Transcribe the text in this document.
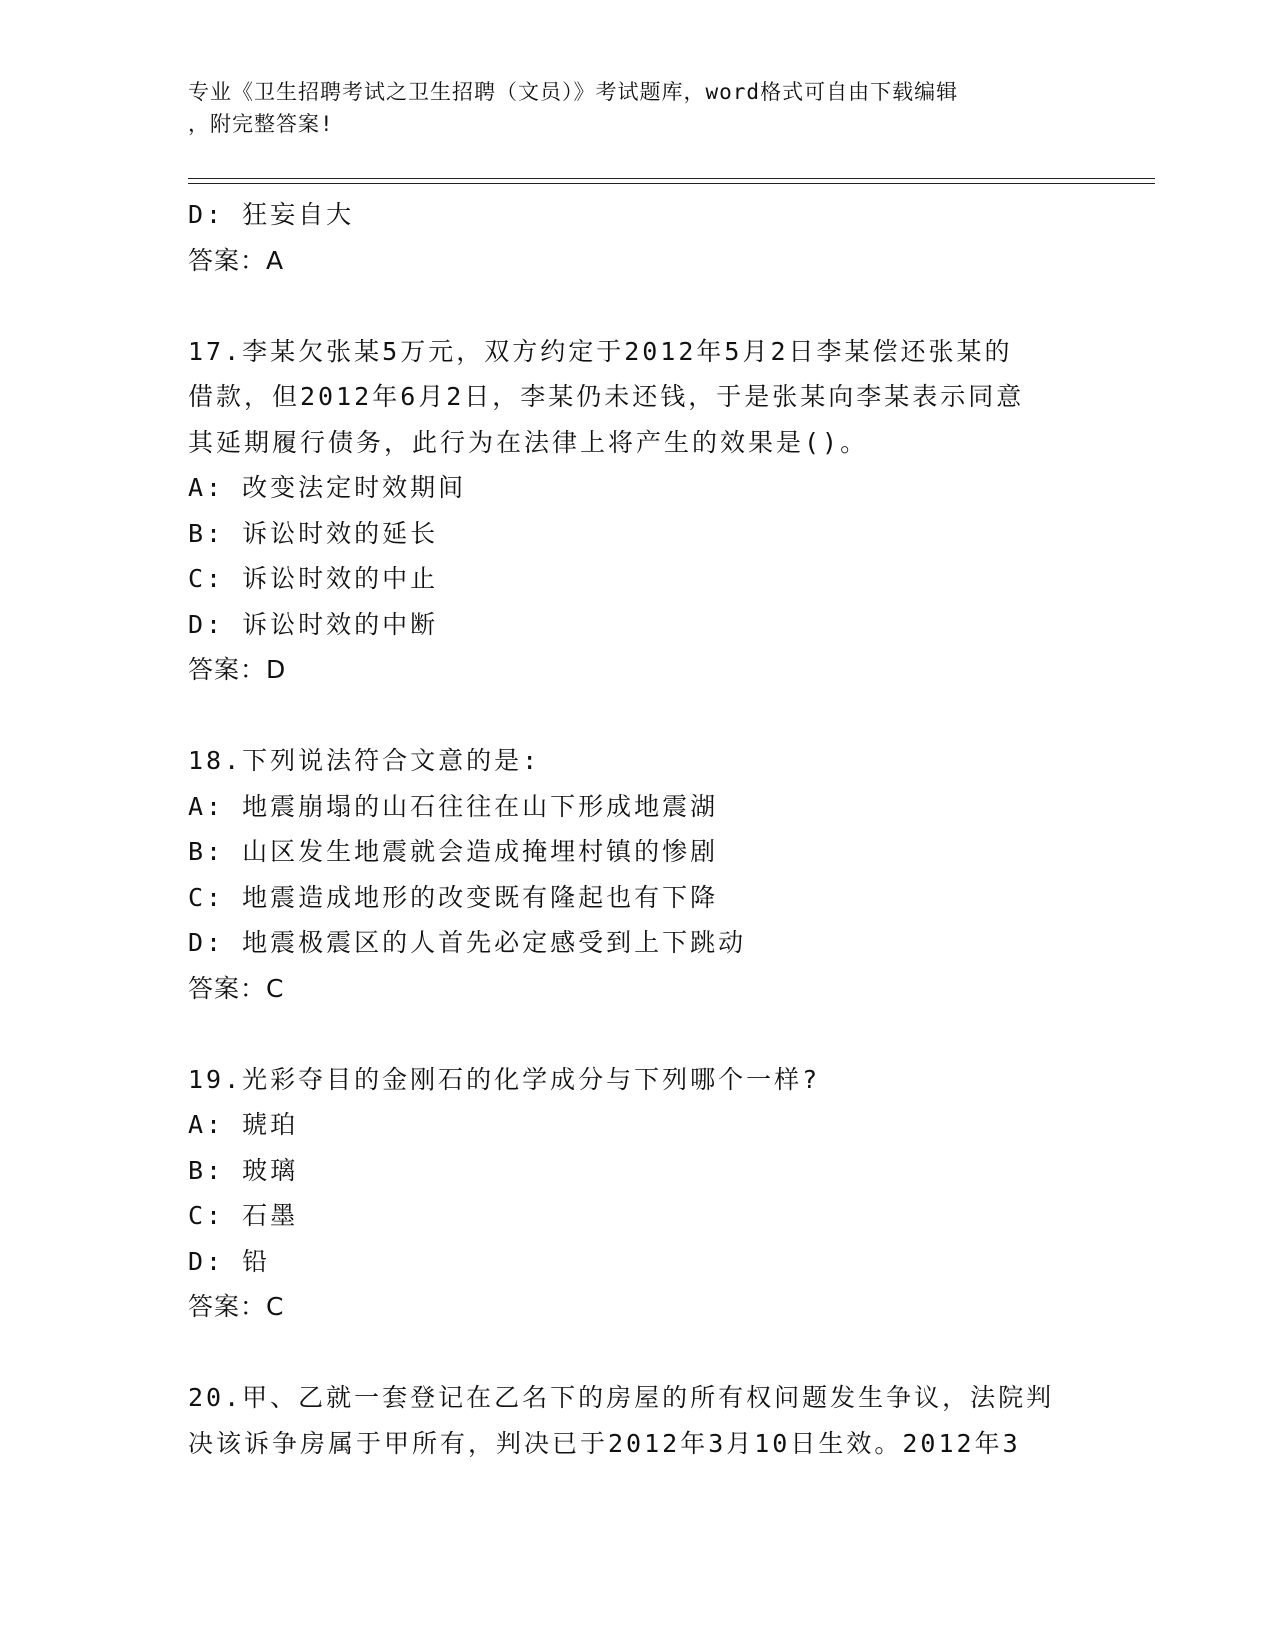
专业《卫生招聘考试之卫生招聘（文员）》考试题库，word格式可自由下载编辑
，附完整答案!
D: 狂妄自大
答案：A
17.李某欠张某5万元，双方约定于2012年5月2日李某偿还张某的
借款，但2012年6月2日，李某仍未还钱，于是张某向李某表示同意
其延期履行债务，此行为在法律上将产生的效果是()。
A: 改变法定时效期间
B: 诉讼时效的延长
C: 诉讼时效的中止
D: 诉讼时效的中断
答案：D
18.下列说法符合文意的是:
A: 地震崩塌的山石往往在山下形成地震湖
B: 山区发生地震就会造成掩埋村镇的惨剧
C: 地震造成地形的改变既有隆起也有下降
D: 地震极震区的人首先必定感受到上下跳动
答案：C
19.光彩夺目的金刚石的化学成分与下列哪个一样?
A: 琥珀
B: 玻璃
C: 石墨
D: 铅
答案：C
20.甲、乙就一套登记在乙名下的房屋的所有权问题发生争议，法院判
决该诉争房属于甲所有，判决已于2012年3月10日生效。2012年3
